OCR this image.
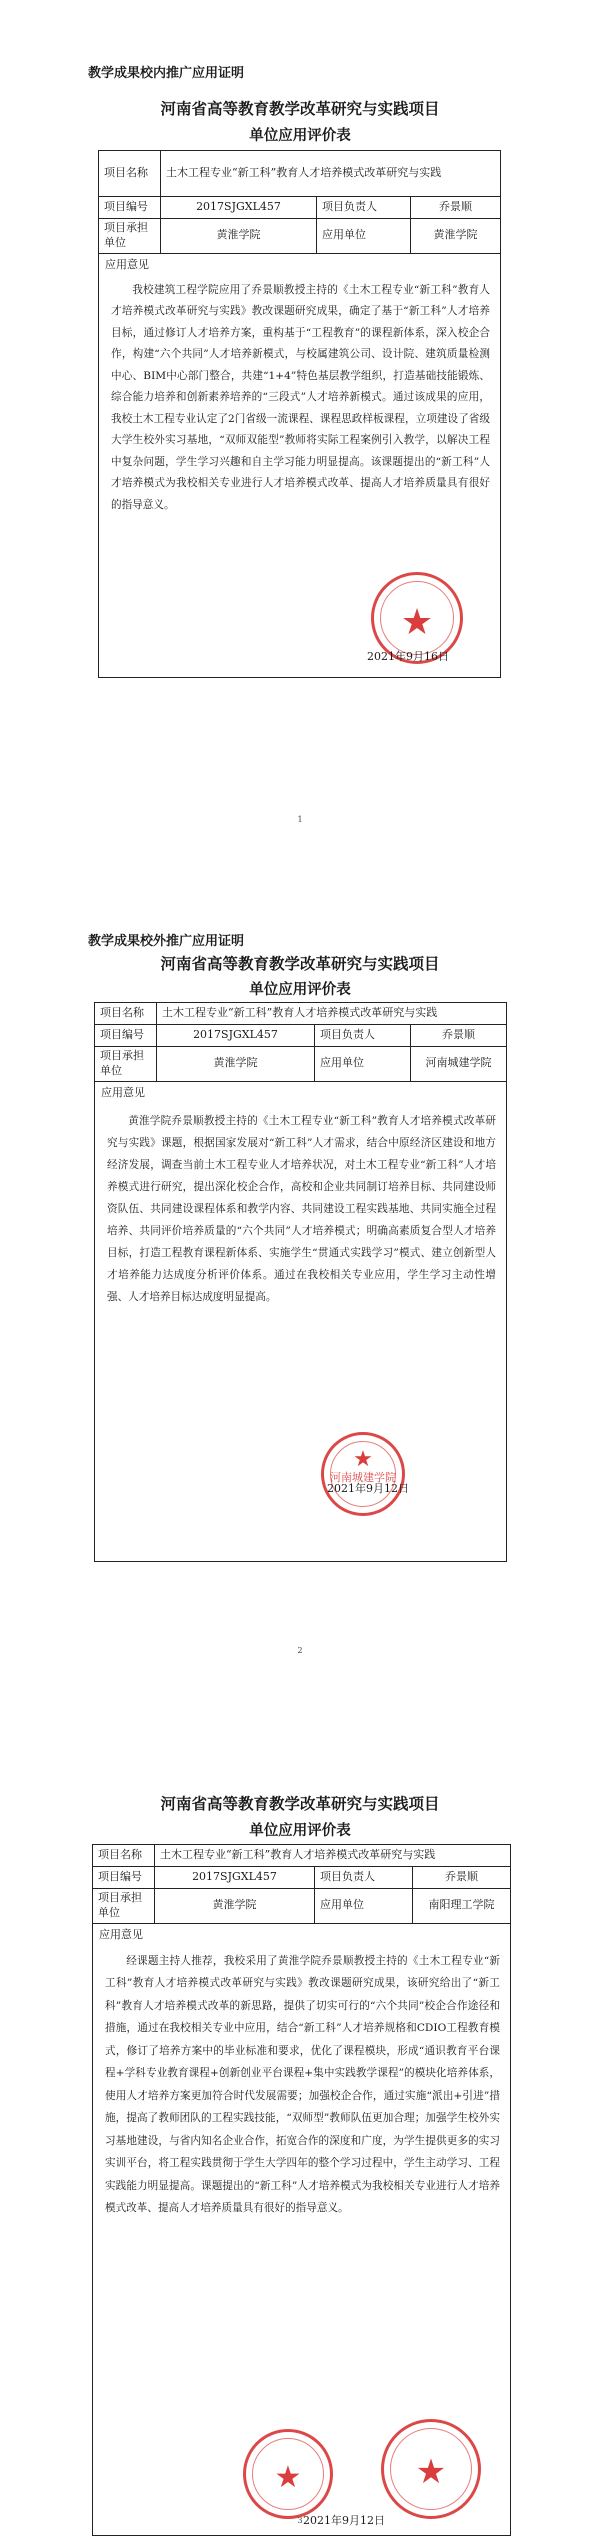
教学成果校内推广应用证明
河南省高等教育教学改革研究与实践项目
单位应用评价表
项目名称	土木工程专业“新工科”教育人才培养模式改革研究与实践		
项目编号	2017SJGXL457	项目负责人	乔景顺
项目承担单位	黄淮学院	应用单位	黄淮学院

应用意见
我校建筑工程学院应用了乔景顺教授主持的《土木工程专业“新工科”教育人才培养模式改革研究与实践》教改课题研究成果，确定了基于“新工科”人才培养目标，通过修订人才培养方案，重构基于“工程教育”的课程新体系，深入校企合作，构建“六个共同”人才培养新模式，与校属建筑公司、设计院、建筑质量检测中心、BIM中心部门整合，共建“1+4”特色基层教学组织，打造基础技能锻炼、综合能力培养和创新素养培养的“三段式”人才培养新模式。通过该成果的应用，我校土木工程专业认定了2门省级一流课程、课程思政样板课程，立项建设了省级大学生校外实习基地，“双师双能型”教师将实际工程案例引入教学，以解决工程中复杂问题，学生学习兴趣和自主学习能力明显提高。该课题提出的“新工科”人才培养模式为我校相关专业进行人才培养模式改革、提高人才培养质量具有很好的指导意义。
★
2021年9月16日			
1
教学成果校外推广应用证明
河南省高等教育教学改革研究与实践项目
单位应用评价表
项目名称	土木工程专业“新工科”教育人才培养模式改革研究与实践		
项目编号	2017SJGXL457	项目负责人	乔景顺
项目承担单位	黄淮学院	应用单位	河南城建学院

应用意见
黄淮学院乔景顺教授主持的《土木工程专业“新工科”教育人才培养模式改革研究与实践》课题，根据国家发展对“新工科”人才需求，结合中原经济区建设和地方经济发展，调查当前土木工程专业人才培养状况，对土木工程专业“新工科”人才培养模式进行研究，提出深化校企合作，高校和企业共同制订培养目标、共同建设师资队伍、共同建设课程体系和教学内容、共同建设工程实践基地、共同实施全过程培养、共同评价培养质量的“六个共同”人才培养模式；明确高素质复合型人才培养目标，打造工程教育课程新体系、实施学生“贯通式实践学习”模式、建立创新型人才培养能力达成度分析评价体系。通过在我校相关专业应用，学生学习主动性增强、人才培养目标达成度明显提高。
★
河南城建学院
2021年9月12日			
2
河南省高等教育教学改革研究与实践项目
单位应用评价表
项目名称	土木工程专业“新工科”教育人才培养模式改革研究与实践		
项目编号	2017SJGXL457	项目负责人	乔景顺
项目承担单位	黄淮学院	应用单位	南阳理工学院

应用意见
经课题主持人推荐，我校采用了黄淮学院乔景顺教授主持的《土木工程专业“新工科”教育人才培养模式改革研究与实践》教改课题研究成果，该研究给出了“新工科”教育人才培养模式改革的新思路，提供了切实可行的“六个共同”校企合作途径和措施，通过在我校相关专业中应用，结合“新工科”人才培养规格和CDIO工程教育模式，修订了培养方案中的毕业标准和要求，优化了课程模块，形成“通识教育平台课程+学科专业教育课程+创新创业平台课程+集中实践教学课程”的模块化培养体系，使用人才培养方案更加符合时代发展需要；加强校企合作，通过实施“派出+引进”措施，提高了教师团队的工程实践技能，“双师型”教师队伍更加合理；加强学生校外实习基地建设，与省内知名企业合作，拓宽合作的深度和广度，为学生提供更多的实习实训平台，将工程实践贯彻于学生大学四年的整个学习过程中，学生主动学习、工程实践能力明显提高。课题提出的“新工科”人才培养模式为我校相关专业进行人才培养模式改革、提高人才培养质量具有很好的指导意义。
★ ★
2021年9月12日			
3
